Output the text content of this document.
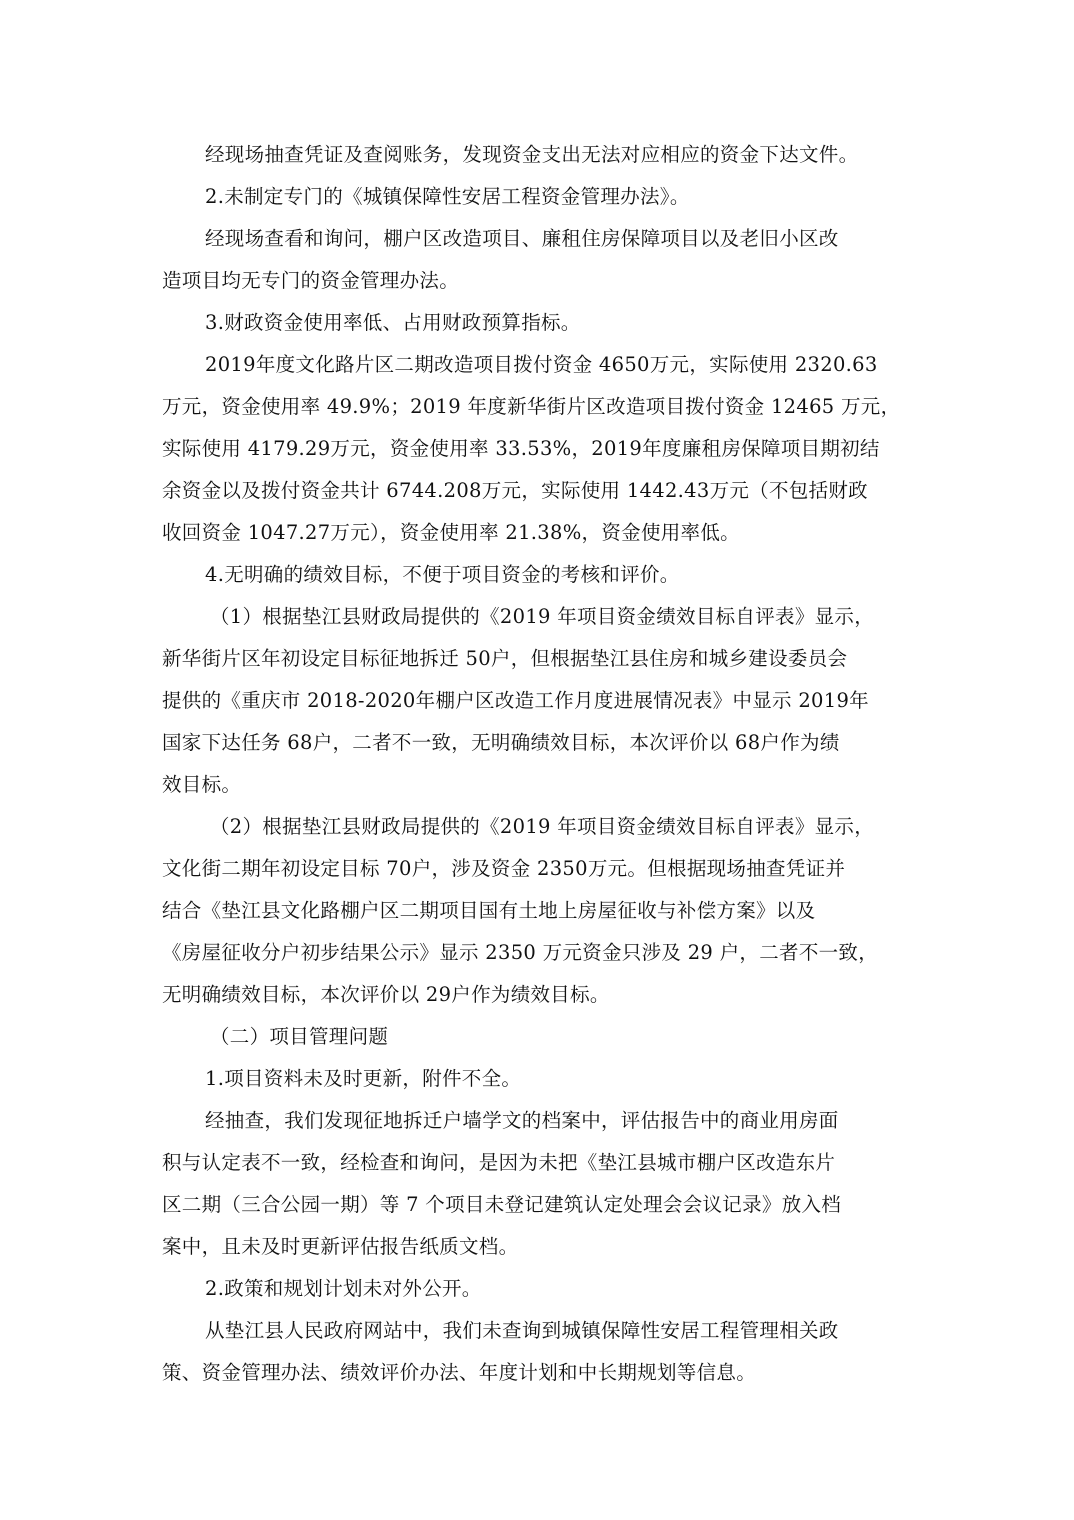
经现场抽查凭证及查阅账务，发现资金支出无法对应相应的资金下达文件。

2.未制定专门的《城镇保障性安居工程资金管理办法》。

经现场查看和询问，棚户区改造项目、廉租住房保障项目以及老旧小区改

造项目均无专门的资金管理办法。

3.财政资金使用率低、占用财政预算指标。

2019年度文化路片区二期改造项目拨付资金 4650万元，实际使用 2320.63

万元，资金使用率 49.9%；2019 年度新华街片区改造项目拨付资金 12465 万元，

实际使用 4179.29万元，资金使用率 33.53%，2019年度廉租房保障项目期初结

余资金以及拨付资金共计 6744.208万元，实际使用 1442.43万元（不包括财政

收回资金 1047.27万元），资金使用率 21.38%，资金使用率低。

4.无明确的绩效目标，不便于项目资金的考核和评价。

（1）根据垫江县财政局提供的《2019 年项目资金绩效目标自评表》显示，

新华街片区年初设定目标征地拆迁 50户，但根据垫江县住房和城乡建设委员会

提供的《重庆市 2018-2020年棚户区改造工作月度进展情况表》中显示 2019年

国家下达任务 68户，二者不一致，无明确绩效目标，本次评价以 68户作为绩

效目标。

（2）根据垫江县财政局提供的《2019 年项目资金绩效目标自评表》显示，

文化街二期年初设定目标 70户，涉及资金 2350万元。但根据现场抽查凭证并

结合《垫江县文化路棚户区二期项目国有土地上房屋征收与补偿方案》以及

《房屋征收分户初步结果公示》显示 2350 万元资金只涉及 29 户，二者不一致，

无明确绩效目标，本次评价以 29户作为绩效目标。

（二）项目管理问题

1.项目资料未及时更新，附件不全。

经抽查，我们发现征地拆迁户墙学文的档案中，评估报告中的商业用房面

积与认定表不一致，经检查和询问，是因为未把《垫江县城市棚户区改造东片

区二期（三合公园一期）等 7 个项目未登记建筑认定处理会会议记录》放入档

案中，且未及时更新评估报告纸质文档。

2.政策和规划计划未对外公开。

从垫江县人民政府网站中，我们未查询到城镇保障性安居工程管理相关政

策、资金管理办法、绩效评价办法、年度计划和中长期规划等信息。
